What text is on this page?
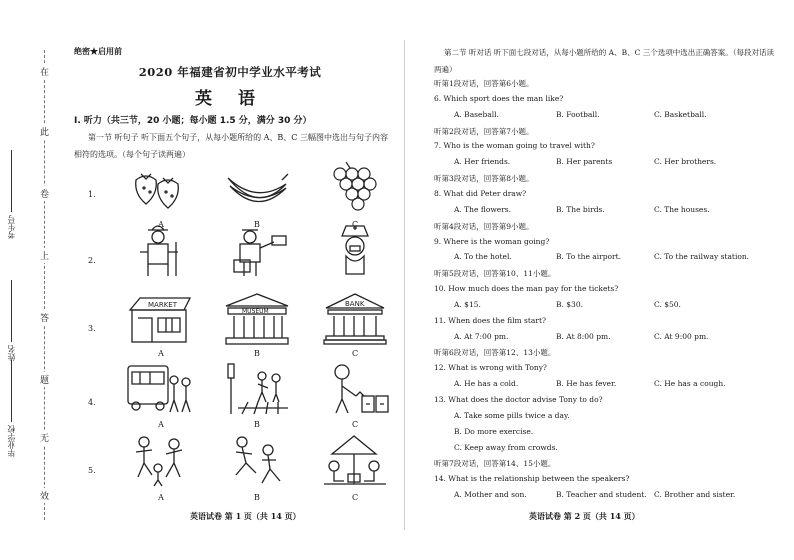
在
此
卷
上
答
题
无
效
考生号
姓名
毕业学校
绝密★启用前
2020 年福建省初中学业水平考试
英 语
I. 听力（共三节，20 小题；每小题 1.5 分，满分 30 分）
第一节 听句子 听下面五个句子，从每小题所给的 A、B、C 三幅图中选出与句子内容相符的选项。（每个句子读两遍）
1.
A	B	C
2.
3.
MARKET
MUSEUM
BANK
A	B	C
4.
A	B	C
5.
A	B	C
英语试卷 第 1 页（共 14 页）
第二节 听对话 听下面七段对话，从每小题所给的 A、B、C 三个选项中选出正确答案。（每段对话读两遍）
听第1段对话，回答第6小题。
6. Which sport does the man like?
A. Baseball.	B. Football.	C. Basketball.
听第2段对话，回答第7小题。
7. Who is the woman going to travel with?
A. Her friends.	B. Her parents	C. Her brothers.
听第3段对话，回答第8小题。
8. What did Peter draw?
A. The flowers.	B. The birds.	C. The houses.
听第4段对话，回答第9小题。
9. Where is the woman going?
A. To the hotel.	B. To the airport.	C. To the railway station.
听第5段对话，回答第10、11小题。
10. How much does the man pay for the tickets?
A. $15.	B. $30.	C. $50.
11. When does the film start?
A. At 7:00 pm.	B. At 8:00 pm.	C. At 9:00 pm.
听第6段对话，回答第12、13小题。
12. What is wrong with Tony?
A. He has a cold.	B. He has fever.	C. He has a cough.
13. What does the doctor advise Tony to do?
A. Take some pills twice a day.
B. Do more exercise.
C. Keep away from crowds.
听第7段对话，回答第14、15小题。
14. What is the relationship between the speakers?
A. Mother and son.	B. Teacher and student. C. Brother and sister.
英语试卷 第 2 页（共 14 页）
